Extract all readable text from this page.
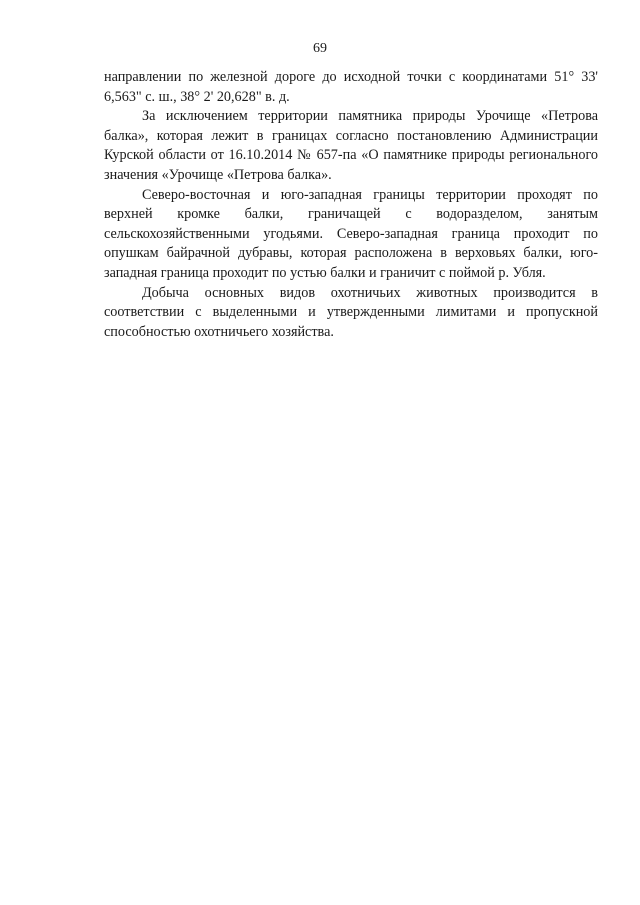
69

направлении по железной дороге до исходной точки с координатами 51° 33' 6,563" с. ш., 38° 2' 20,628" в. д.

За исключением территории памятника природы Урочище «Петрова балка», которая лежит в границах согласно постановлению Администрации Курской области от 16.10.2014 № 657-па «О памятнике природы регионального значения «Урочище «Петрова балка».

Северо-восточная и юго-западная границы территории проходят по верхней кромке балки, граничащей с водоразделом, занятым сельскохозяйственными угодьями. Северо-западная граница проходит по опушкам байрачной дубравы, которая расположена в верховьях балки, юго-западная граница проходит по устью балки и граничит с поймой р. Убля.

Добыча основных видов охотничьих животных производится в соответствии с выделенными и утвержденными лимитами и пропускной способностью охотничьего хозяйства.
